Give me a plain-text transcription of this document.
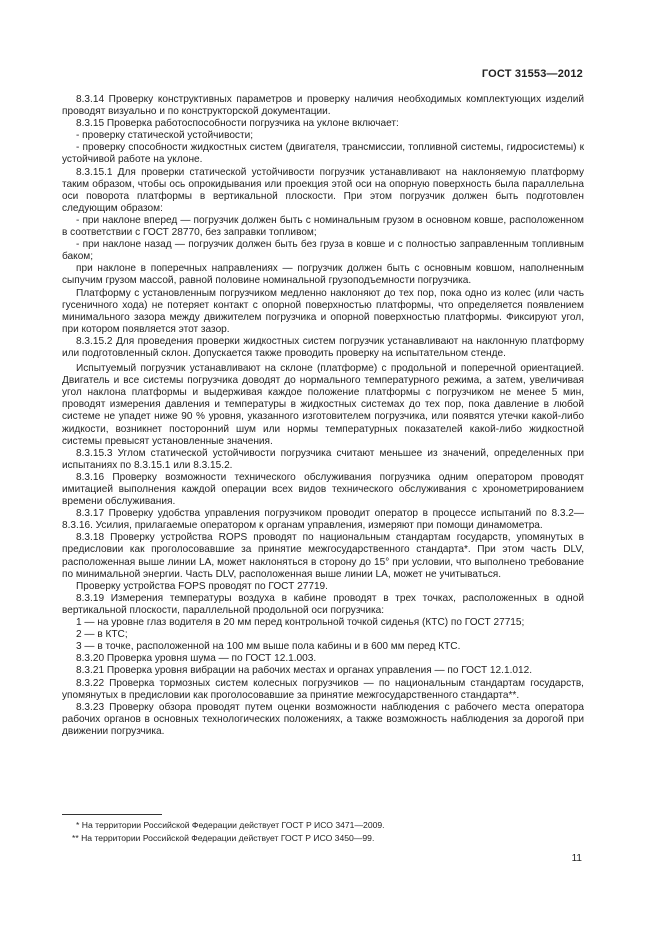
ГОСТ 31553—2012

8.3.14 Проверку конструктивных параметров и проверку наличия необходимых комплектующих изделий проводят визуально и по конструкторской документации.

8.3.15 Проверка работоспособности погрузчика на уклоне включает:

- проверку статической устойчивости;

- проверку способности жидкостных систем (двигателя, трансмиссии, топливной системы, гидросистемы) к устойчивой работе на уклоне.

8.3.15.1 Для проверки статической устойчивости погрузчик устанавливают на наклоняемую платформу таким образом, чтобы ось опрокидывания или проекция этой оси на опорную поверхность была параллельна оси поворота платформы в вертикальной плоскости. При этом погрузчик должен быть подготовлен следующим образом:

- при наклоне вперед — погрузчик должен быть с номинальным грузом в основном ковше, расположенном в соответствии с ГОСТ 28770, без заправки топливом;

- при наклоне назад — погрузчик должен быть без груза в ковше и с полностью заправленным топливным баком;

при наклоне в поперечных направлениях — погрузчик должен быть с основным ковшом, наполненным сыпучим грузом массой, равной половине номинальной грузоподъемности погрузчика.

Платформу с установленным погрузчиком медленно наклоняют до тех пор, пока одно из колес (или часть гусеничного хода) не потеряет контакт с опорной поверхностью платформы, что определяется появлением минимального зазора между движителем погрузчика и опорной поверхностью платформы. Фиксируют угол, при котором появляется этот зазор.

8.3.15.2 Для проведения проверки жидкостных систем погрузчик устанавливают на наклонную платформу или подготовленный склон. Допускается также проводить проверку на испытательном стенде.

Испытуемый погрузчик устанавливают на склоне (платформе) с продольной и поперечной ориентацией. Двигатель и все системы погрузчика доводят до нормального температурного режима, а затем, увеличивая угол наклона платформы и выдерживая каждое положение платформы с погрузчиком не менее 5 мин, проводят измерения давления и температуры в жидкостных системах до тех пор, пока давление в любой системе не упадет ниже 90 % уровня, указанного изготовителем погрузчика, или появятся утечки какой-либо жидкости, возникнет посторонний шум или нормы температурных показателей какой-либо жидкостной системы превысят установленные значения.

8.3.15.3 Углом статической устойчивости погрузчика считают меньшее из значений, определенных при испытаниях по 8.3.15.1 или 8.3.15.2.

8.3.16 Проверку возможности технического обслуживания погрузчика одним оператором проводят имитацией выполнения каждой операции всех видов технического обслуживания с хронометрированием времени обслуживания.

8.3.17 Проверку удобства управления погрузчиком проводит оператор в процессе испытаний по 8.3.2—8.3.16. Усилия, прилагаемые оператором к органам управления, измеряют при помощи динамометра.

8.3.18 Проверку устройства ROPS проводят по национальным стандартам государств, упомянутых в предисловии как проголосовавшие за принятие межгосударственного стандарта*. При этом часть DLV, расположенная выше линии LA, может наклоняться в сторону до 15° при условии, что выполнено требование по минимальной энергии. Часть DLV, расположенная выше линии LA, может не учитываться.

Проверку устройства FOPS проводят по ГОСТ 27719.

8.3.19 Измерения температуры воздуха в кабине проводят в трех точках, расположенных в одной вертикальной плоскости, параллельной продольной оси погрузчика:

1 — на уровне глаз водителя в 20 мм перед контрольной точкой сиденья (КТС) по ГОСТ 27715;

2 — в КТС;

3 — в точке, расположенной на 100 мм выше пола кабины и в 600 мм перед КТС.

8.3.20 Проверка уровня шума — по ГОСТ 12.1.003.

8.3.21 Проверка уровня вибрации на рабочих местах и органах управления — по ГОСТ 12.1.012.

8.3.22 Проверка тормозных систем колесных погрузчиков — по национальным стандартам государств, упомянутых в предисловии как проголосовавшие за принятие межгосударственного стандарта**.

8.3.23 Проверку обзора проводят путем оценки возможности наблюдения с рабочего места оператора рабочих органов в основных технологических положениях, а также возможность наблюдения за дорогой при движении погрузчика.

* На территории Российской Федерации действует ГОСТ Р ИСО 3471—2009.

** На территории Российской Федерации действует ГОСТ Р ИСО 3450—99.

11
